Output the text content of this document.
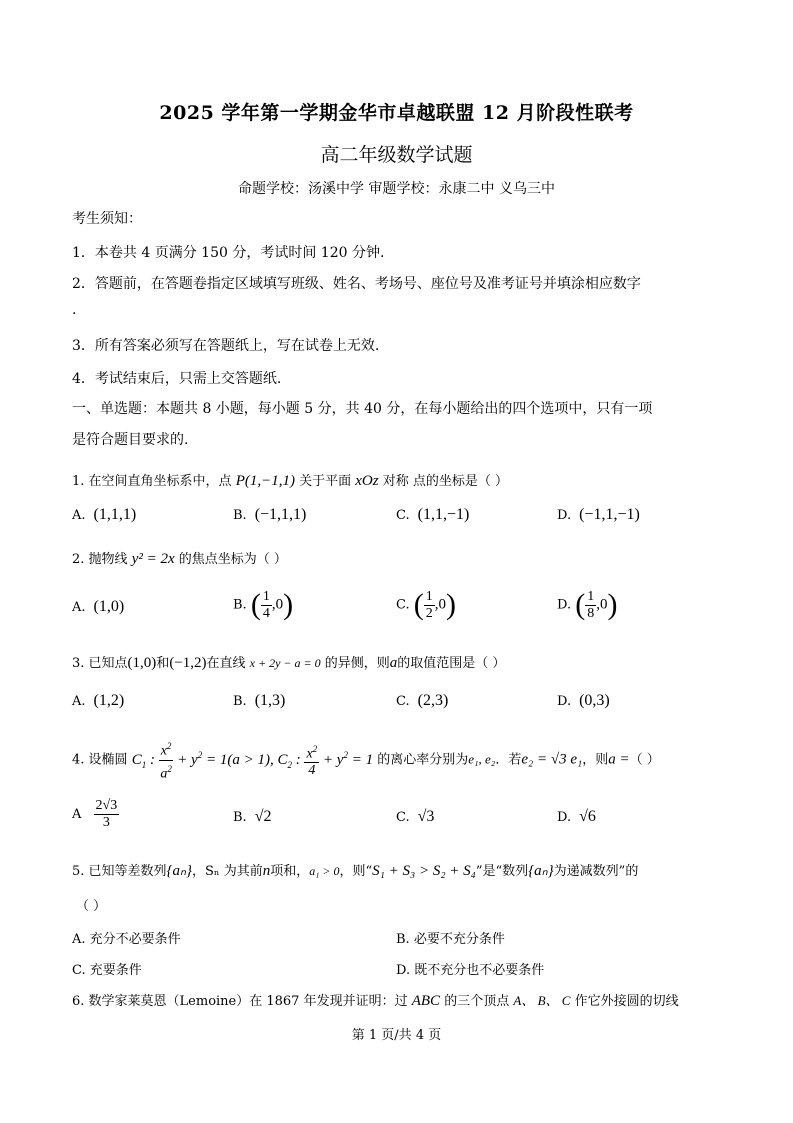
2025 学年第一学期金华市卓越联盟 12 月阶段性联考
高二年级数学试题
命题学校：汤溪中学 审题学校：永康二中 义乌三中
考生须知：
1．本卷共 4 页满分 150 分，考试时间 120 分钟.
2．答题前，在答题卷指定区域填写班级、姓名、考场号、座位号及准考证号并填涂相应数字
.
3．所有答案必须写在答题纸上，写在试卷上无效.
4．考试结束后，只需上交答题纸.
一、单选题：本题共 8 小题，每小题 5 分，共 40 分，在每小题给出的四个选项中，只有一项
是符合题目要求的.
1. 在空间直角坐标系中，点 P(1,−1,1) 关于平面 xOz 对称 点的坐标是（ ）
A. (1,1,1)	B. (−1,1,1)	C. (1,1,−1)	D. (−1,1,−1)
2. 抛物线 y² = 2x 的焦点坐标为（ ）
A. (1,0)	B. ( $\frac{1}{4} ,0$)	C. ( $\frac{1}{2} ,0$)	D. ( $\frac{1}{8} ,0$)
3. 已知点(1,0)和(−1,2)在直线 x + 2y − a = 0 的异侧，则a的取值范围是（ ）
A. (1,2)	B. (1,3)	C. (2,3)	D. (0,3)
4. 设椭圆 $C_1$ : $\frac{x^2}{a^2} + y^2 = 1(a > 1)$, $C_2$ : $\frac{x^2}{4} + y^2 = 1$ 的离心率分别为e₁, e₂．若e₂ = √3 e₁，则a =（ ）
A $\frac{2√3}{3}$	B. √2	C. √3	D. √6
5. 已知等差数列{aₙ}，Sₙ 为其前n项和，a₁ > 0，则“S₁ + S₃ > S₂ + S₄”是“数列{aₙ}为递减数列”的
（ ）
A. 充分不必要条件	B. 必要不充分条件
C. 充要条件	D. 既不充分也不必要条件
6. 数学家莱莫恩（Lemoine）在 1867 年发现并证明：过 ABC 的三个顶点 A、 B、 C 作它外接圆的切线
第 1 页/共 4 页
